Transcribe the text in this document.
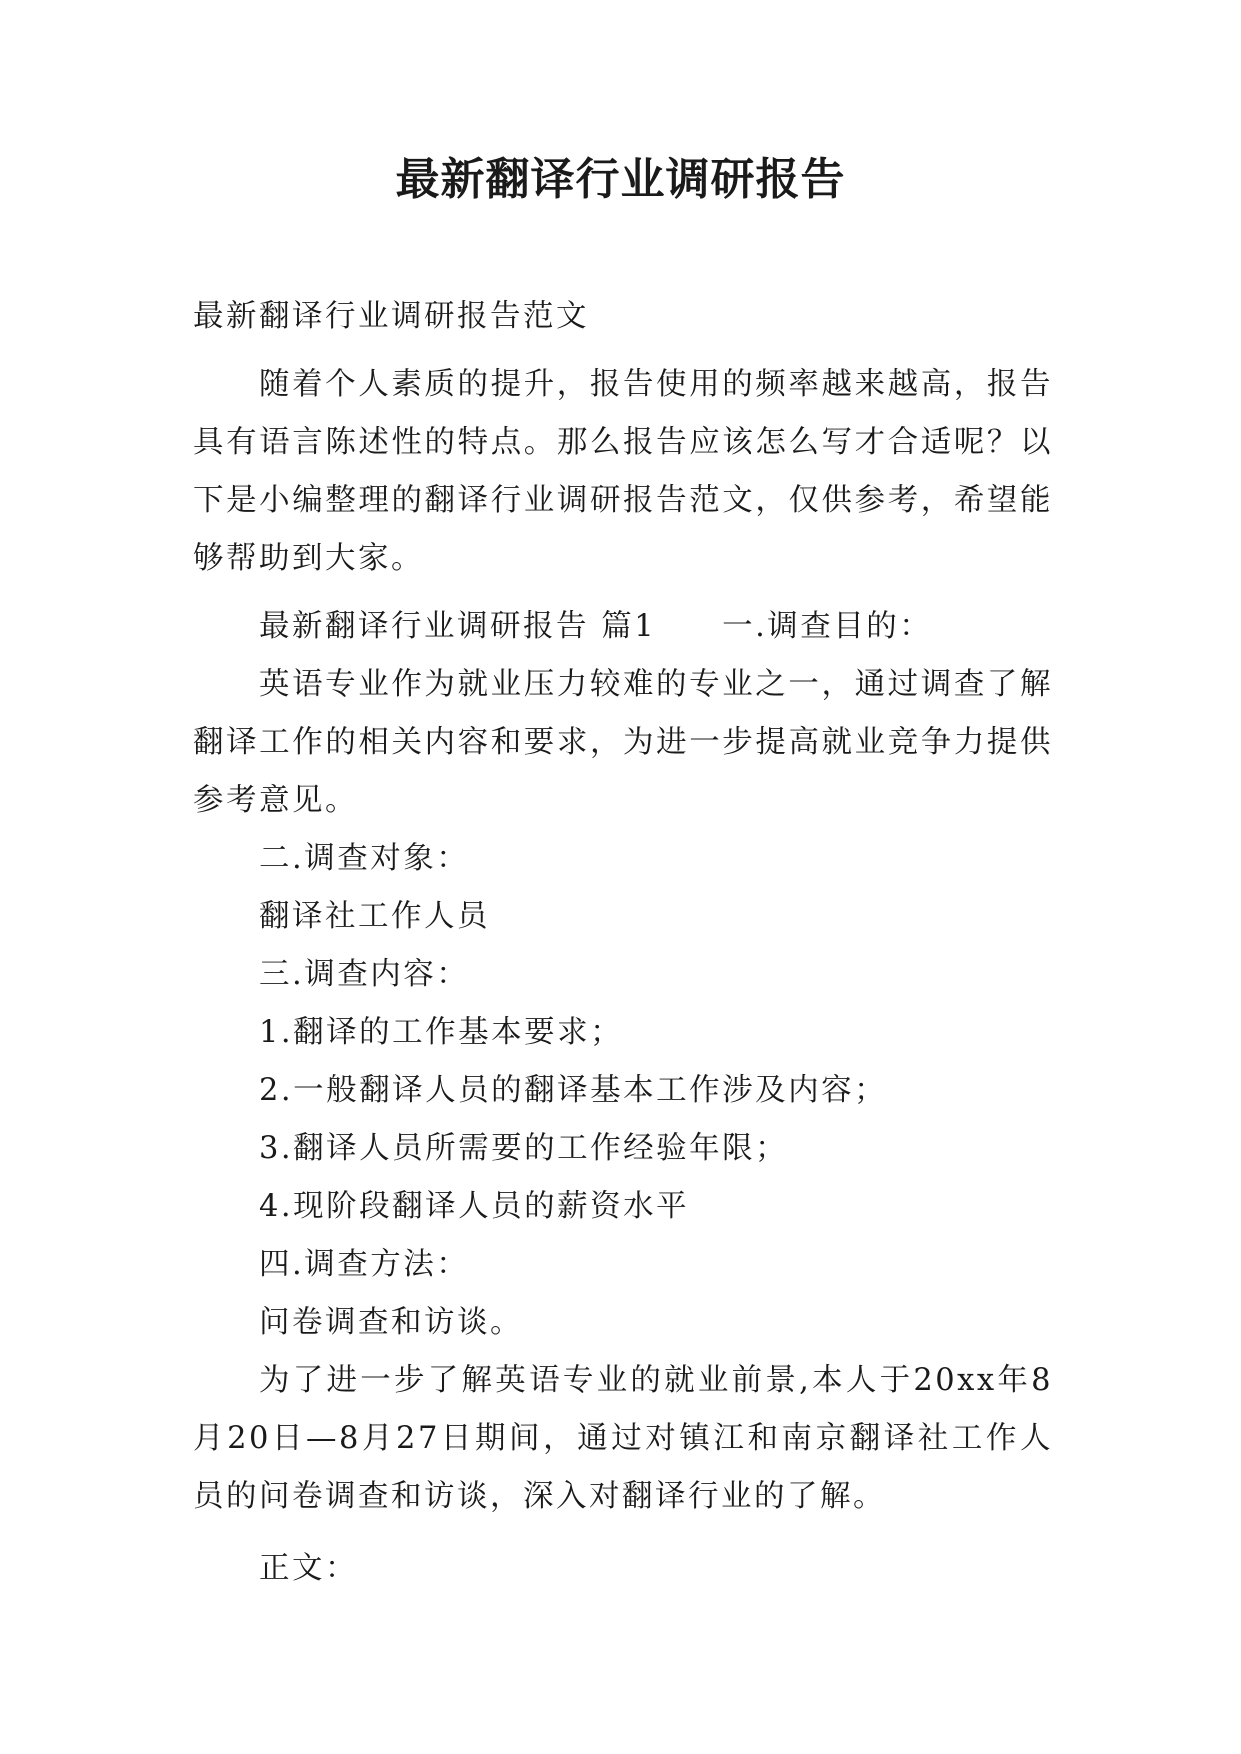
最新翻译行业调研报告

最新翻译行业调研报告范文

随着个人素质的提升，报告使用的频率越来越高，报告具有语言陈述性的特点。那么报告应该怎么写才合适呢？以下是小编整理的翻译行业调研报告范文，仅供参考，希望能够帮助到大家。

最新翻译行业调研报告 篇1 一.调查目的：

英语专业作为就业压力较难的专业之一，通过调查了解翻译工作的相关内容和要求，为进一步提高就业竞争力提供参考意见。

二.调查对象：

翻译社工作人员

三.调查内容：

1.翻译的工作基本要求；

2.一般翻译人员的翻译基本工作涉及内容；

3.翻译人员所需要的工作经验年限；

4.现阶段翻译人员的薪资水平

四.调查方法：

问卷调查和访谈。

为了进一步了解英语专业的就业前景,本人于20xx年8月20日—8月27日期间，通过对镇江和南京翻译社工作人员的问卷调查和访谈，深入对翻译行业的了解。

正文：
